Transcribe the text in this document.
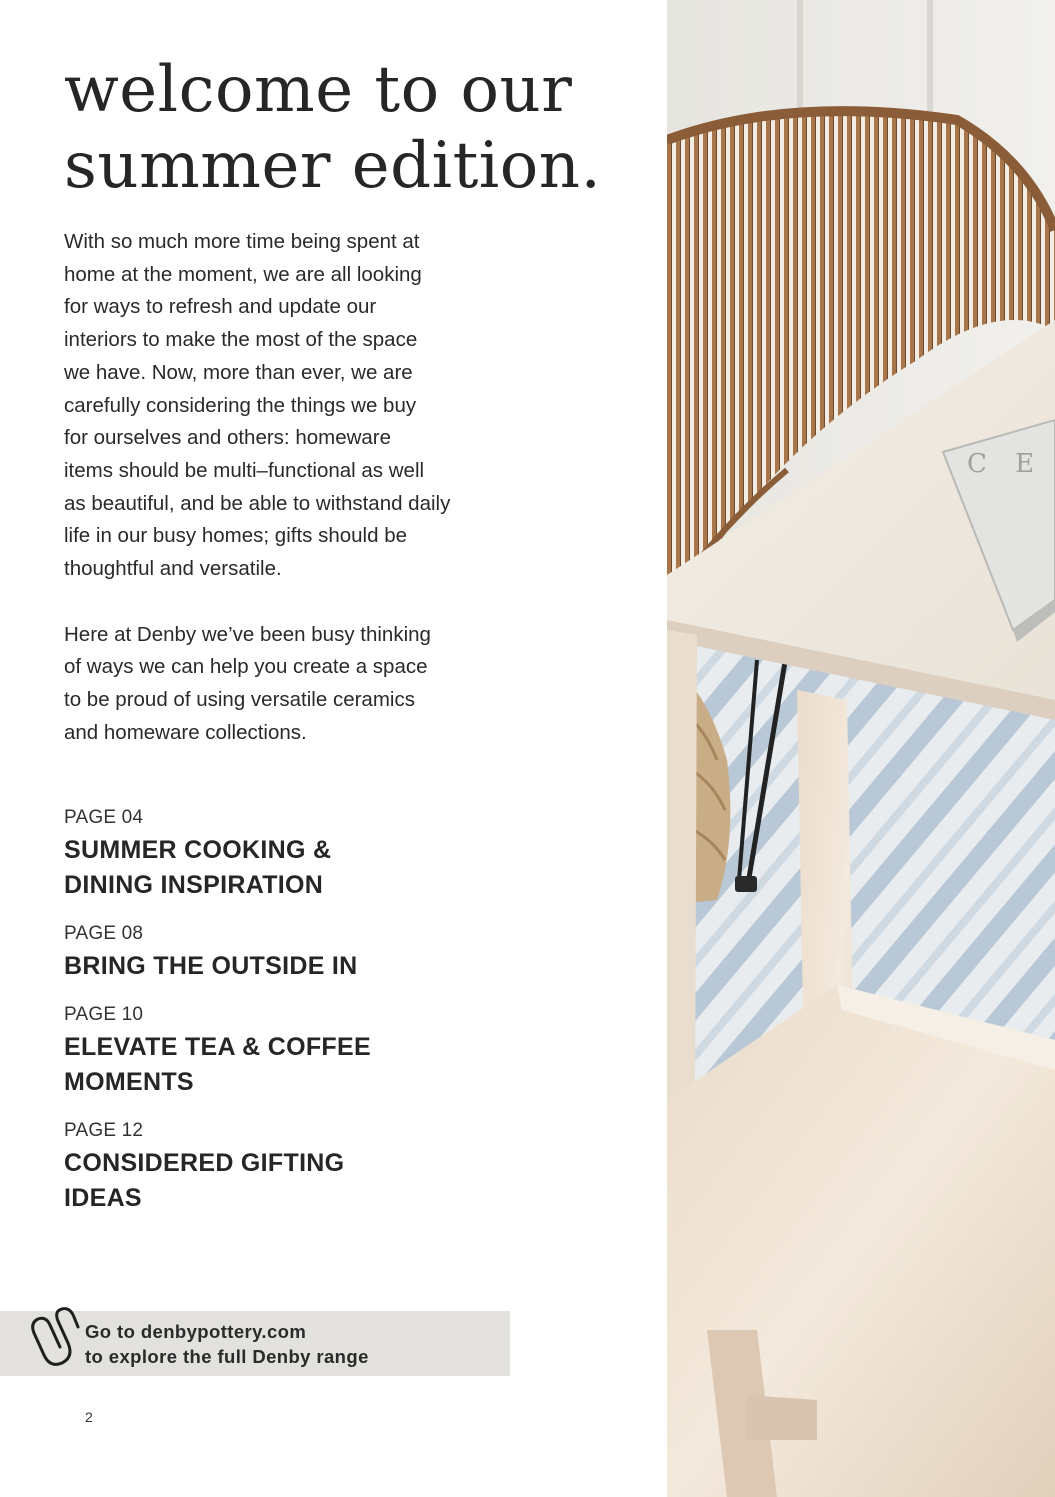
welcome to our
summer edition.

With so much more time being spent at
home at the moment, we are all looking
for ways to refresh and update our
interiors to make the most of the space
we have. Now, more than ever, we are
carefully considering the things we buy
for ourselves and others: homeware
items should be multi–functional as well
as beautiful, and be able to withstand daily
life in our busy homes; gifts should be
thoughtful and versatile.

Here at Denby we’ve been busy thinking
of ways we can help you create a space
to be proud of using versatile ceramics
and homeware collections.

PAGE 04
SUMMER COOKING &
DINING INSPIRATION
PAGE 08
BRING THE OUTSIDE IN
PAGE 10
ELEVATE TEA & COFFEE
MOMENTS
PAGE 12
CONSIDERED GIFTING
IDEAS
Go to denbypottery.com
to explore the full Denby range
2
C E
